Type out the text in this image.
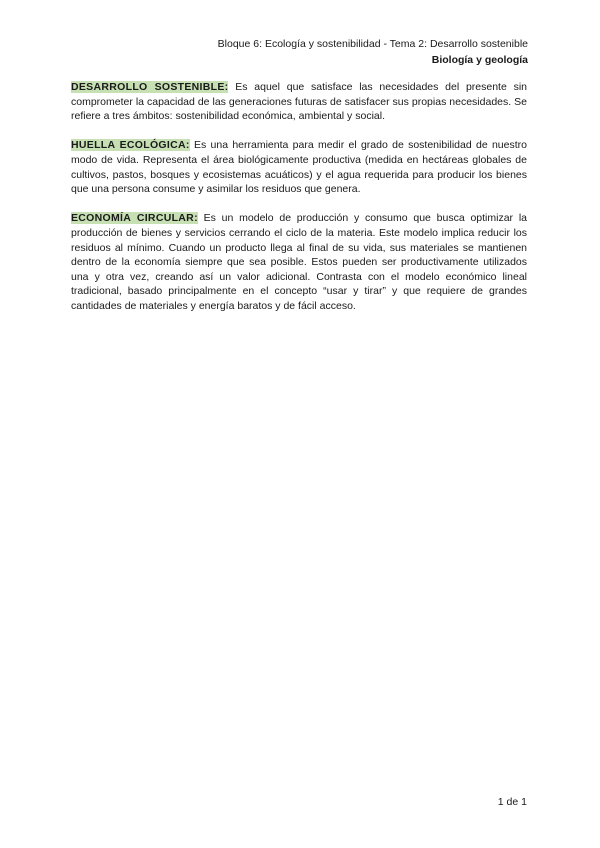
Bloque 6: Ecología y sostenibilidad - Tema 2: Desarrollo sostenible
Biología y geología

DESARROLLO SOSTENIBLE: Es aquel que satisface las necesidades del presente sin comprometer la capacidad de las generaciones futuras de satisfacer sus propias necesidades. Se refiere a tres ámbitos: sostenibilidad económica, ambiental y social.

HUELLA ECOLÓGICA: Es una herramienta para medir el grado de sostenibilidad de nuestro modo de vida. Representa el área biológicamente productiva (medida en hectáreas globales de cultivos, pastos, bosques y ecosistemas acuáticos) y el agua requerida para producir los bienes que una persona consume y asimilar los residuos que genera.

ECONOMÍA CIRCULAR: Es un modelo de producción y consumo que busca optimizar la producción de bienes y servicios cerrando el ciclo de la materia. Este modelo implica reducir los residuos al mínimo. Cuando un producto llega al final de su vida, sus materiales se mantienen dentro de la economía siempre que sea posible. Estos pueden ser productivamente utilizados una y otra vez, creando así un valor adicional. Contrasta con el modelo económico lineal tradicional, basado principalmente en el concepto “usar y tirar” y que requiere de grandes cantidades de materiales y energía baratos y de fácil acceso.

1 de 1
